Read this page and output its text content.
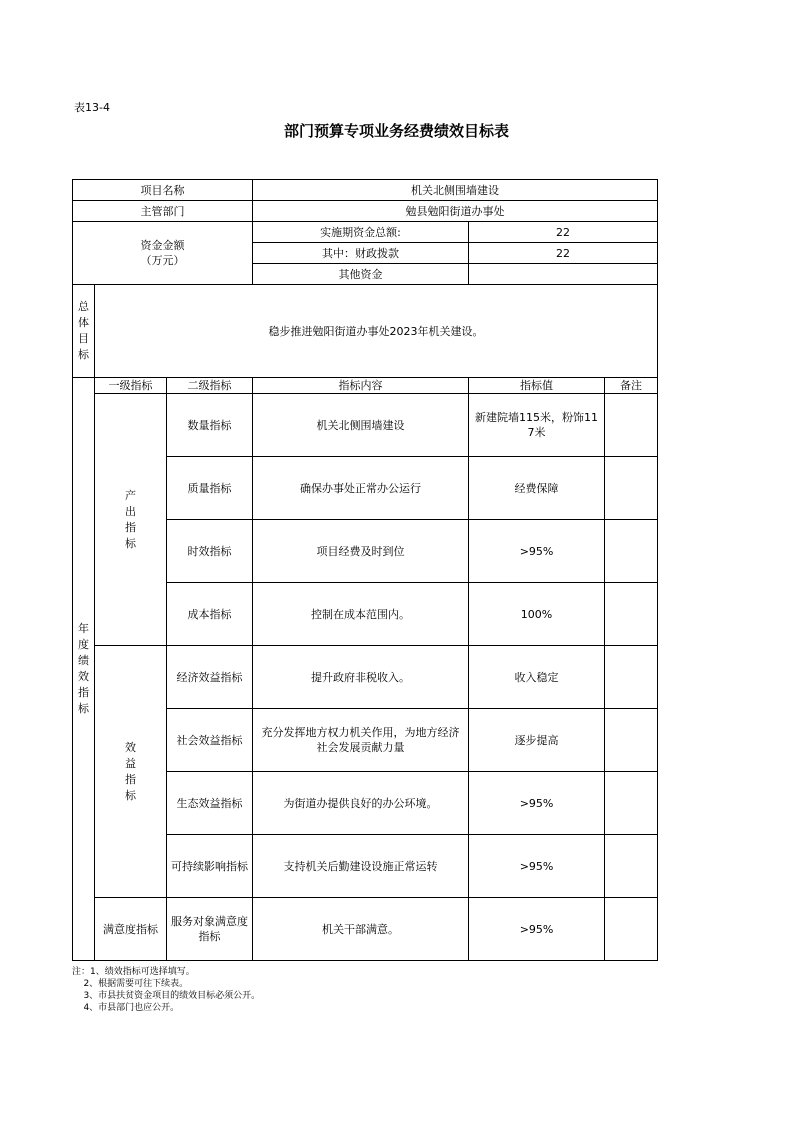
表13-4
部门预算专项业务经费绩效目标表
项目名称			机关北侧围墙建设		
主管部门			勉县勉阳街道办事处		

资金金额
（万元）			实施期资金总额:	22	
			其中：财政拨款	22	
			其他资金		
总体目标	稳步推进勉阳街道办事处2023年机关建设。				
年度绩效指标	一级指标	二级指标	指标内容	指标值	备注
	产出指标	数量指标	机关北侧围墙建设	新建院墙115米，粉饰117米	
		质量指标	确保办事处正常办公运行	经费保障	
		时效指标	项目经费及时到位	>95%	
		成本指标	控制在成本范围内。	100%	
	效益指标	经济效益指标	提升政府非税收入。	收入稳定	
		社会效益指标	充分发挥地方权力机关作用，为地方经济社会发展贡献力量	逐步提高	
		生态效益指标	为街道办提供良好的办公环境。	>95%	
		可持续影响指标	支持机关后勤建设设施正常运转	>95%	
	满意度指标	服务对象满意度指标	机关干部满意。	>95%	
注：1、绩效指标可选择填写。
2、根据需要可往下续表。
3、市县扶贫资金项目的绩效目标必须公开。
4、市县部门也应公开。
